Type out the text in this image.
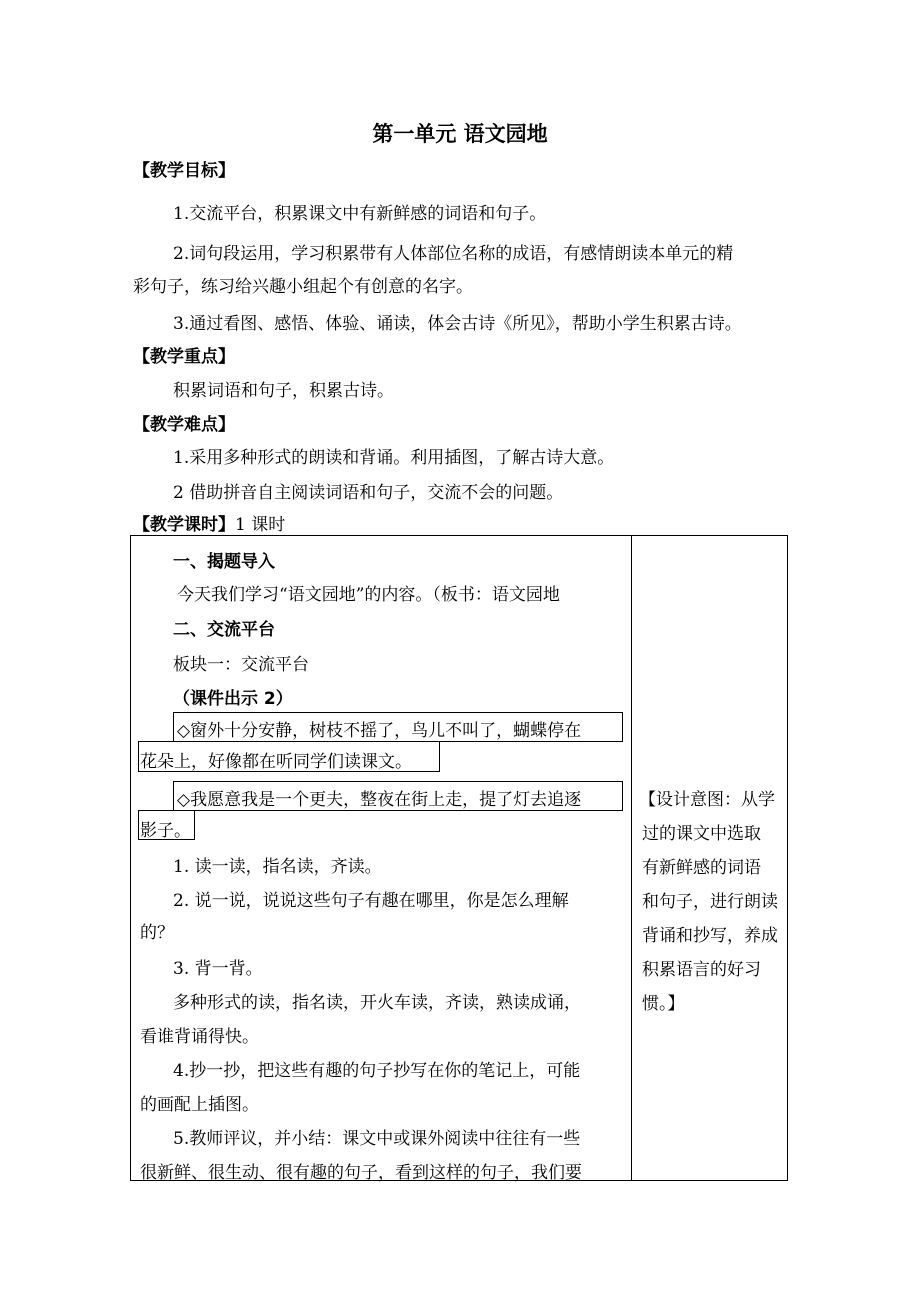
第一单元 语文园地
【教学目标】
1.交流平台，积累课文中有新鲜感的词语和句子。
2.词句段运用，学习积累带有人体部位名称的成语，有感情朗读本单元的精
彩句子，练习给兴趣小组起个有创意的名字。
3.通过看图、感悟、体验、诵读，体会古诗《所见》，帮助小学生积累古诗。
【教学重点】
积累词语和句子，积累古诗。
【教学难点】
1.采用多种形式的朗读和背诵。利用插图，了解古诗大意。
2 借助拼音自主阅读词语和句子，交流不会的问题。
【教学课时】1 课时
一、揭题导入
今天我们学习“语文园地”的内容。（板书：语文园地
二、交流平台
板块一：交流平台
（课件出示 2）
◇窗外十分安静，树枝不摇了，鸟儿不叫了，蝴蝶停在
花朵上，好像都在听同学们读课文。
◇我愿意我是一个更夫，整夜在街上走，提了灯去追逐
影子。
1. 读一读，指名读，齐读。
2. 说一说，说说这些句子有趣在哪里，你是怎么理解
的？
3. 背一背。
多种形式的读，指名读，开火车读，齐读，熟读成诵，
看谁背诵得快。
4.抄一抄，把这些有趣的句子抄写在你的笔记上，可能
的画配上插图。
5.教师评议，并小结：课文中或课外阅读中往往有一些
很新鲜、很生动、很有趣的句子，看到这样的句子，我们要
【设计意图：从学
过的课文中选取
有新鲜感的词语
和句子，进行朗读
背诵和抄写，养成
积累语言的好习
惯。】
